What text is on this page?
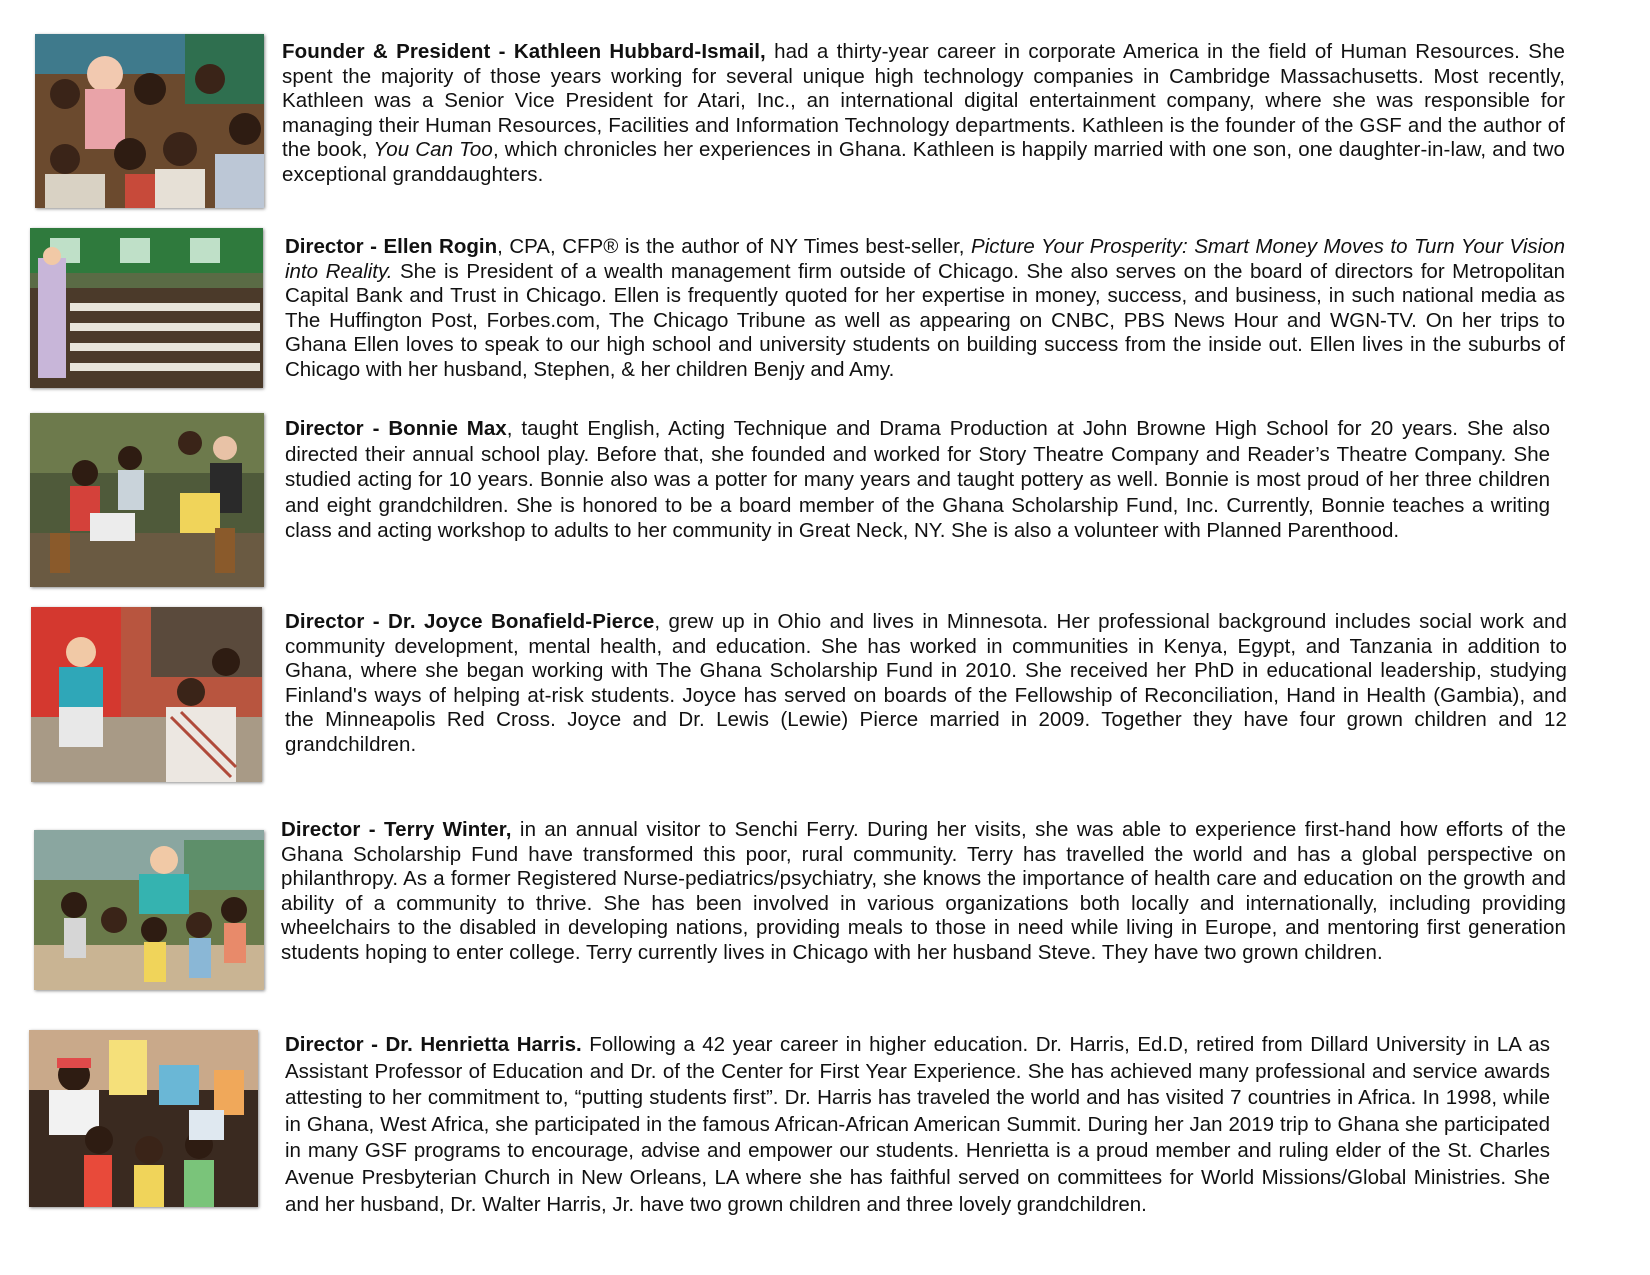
Founder & President - Kathleen Hubbard-Ismail, had a thirty-year career in corporate America in the field of Human Resources. She spent the majority of those years working for several unique high technology companies in Cambridge Massachusetts. Most recently, Kathleen was a Senior Vice President for Atari, Inc., an international digital entertainment company, where she was responsible for managing their Human Resources, Facilities and Information Technology departments. Kathleen is the founder of the GSF and the author of the book, You Can Too, which chronicles her experiences in Ghana. Kathleen is happily married with one son, one daughter-in-law, and two exceptional granddaughters.

Director - Ellen Rogin, CPA, CFP® is the author of NY Times best-seller, Picture Your Prosperity: Smart Money Moves to Turn Your Vision into Reality. She is President of a wealth management firm outside of Chicago. She also serves on the board of directors for Metropolitan Capital Bank and Trust in Chicago. Ellen is frequently quoted for her expertise in money, success, and business, in such national media as The Huffington Post, Forbes.com, The Chicago Tribune as well as appearing on CNBC, PBS News Hour and WGN-TV. On her trips to Ghana Ellen loves to speak to our high school and university students on building success from the inside out. Ellen lives in the suburbs of Chicago with her husband, Stephen, & her children Benjy and Amy.

Director - Bonnie Max, taught English, Acting Technique and Drama Production at John Browne High School for 20 years. She also directed their annual school play. Before that, she founded and worked for Story Theatre Company and Reader’s Theatre Company. She studied acting for 10 years. Bonnie also was a potter for many years and taught pottery as well. Bonnie is most proud of her three children and eight grandchildren. She is honored to be a board member of the Ghana Scholarship Fund, Inc. Currently, Bonnie teaches a writing class and acting workshop to adults to her community in Great Neck, NY. She is also a volunteer with Planned Parenthood.

Director - Dr. Joyce Bonafield-Pierce, grew up in Ohio and lives in Minnesota. Her professional background includes social work and community development, mental health, and education. She has worked in communities in Kenya, Egypt, and Tanzania in addition to Ghana, where she began working with The Ghana Scholarship Fund in 2010. She received her PhD in educational leadership, studying Finland's ways of helping at-risk students. Joyce has served on boards of the Fellowship of Reconciliation, Hand in Health (Gambia), and the Minneapolis Red Cross. Joyce and Dr. Lewis (Lewie) Pierce married in 2009. Together they have four grown children and 12 grandchildren.

Director - Terry Winter, in an annual visitor to Senchi Ferry. During her visits, she was able to experience first-hand how efforts of the Ghana Scholarship Fund have transformed this poor, rural community. Terry has travelled the world and has a global perspective on philanthropy. As a former Registered Nurse-pediatrics/psychiatry, she knows the importance of health care and education on the growth and ability of a community to thrive. She has been involved in various organizations both locally and internationally, including providing wheelchairs to the disabled in developing nations, providing meals to those in need while living in Europe, and mentoring first generation students hoping to enter college. Terry currently lives in Chicago with her husband Steve. They have two grown children.

Director - Dr. Henrietta Harris. Following a 42 year career in higher education. Dr. Harris, Ed.D, retired from Dillard University in LA as Assistant Professor of Education and Dr. of the Center for First Year Experience. She has achieved many professional and service awards attesting to her commitment to, “putting students first”. Dr. Harris has traveled the world and has visited 7 countries in Africa. In 1998, while in Ghana, West Africa, she participated in the famous African-African American Summit. During her Jan 2019 trip to Ghana she participated in many GSF programs to encourage, advise and empower our students. Henrietta is a proud member and ruling elder of the St. Charles Avenue Presbyterian Church in New Orleans, LA where she has faithful served on committees for World Missions/Global Ministries. She and her husband, Dr. Walter Harris, Jr. have two grown children and three lovely grandchildren.
